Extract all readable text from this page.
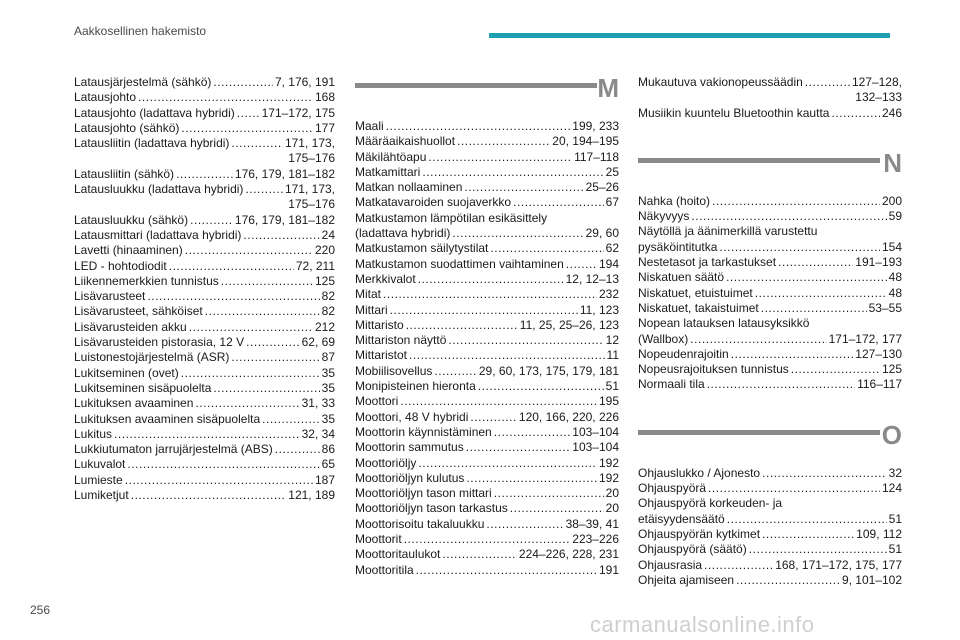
Aakkosellinen hakemisto
Latausjärjestelmä (sähkö) . . .	7, 176, 191
Latausjohto . . .	168
Latausjohto (ladattava hybridi) . . . 171–172, 175
Latausjohto (sähkö) . . .	177
Latausliitin (ladattava hybridi) . . .	171, 173,
175–176
Latausliitin (sähkö) . . .	176, 179, 181–182
Latausluukku (ladattava hybridi) . . .	171, 173,
175–176
Latausluukku (sähkö) . . .	176, 179, 181–182
Latausmittari (ladattava hybridi) . . .	24
Lavetti (hinaaminen) . . .	220
LED - hohtodiodit . . .	72, 211
Liikennemerkkien tunnistus . . .	125
Lisävarusteet . . .	82
Lisävarusteet, sähköiset . . .	82
Lisävarusteiden akku . . .	212
Lisävarusteiden pistorasia, 12 V . . .	62, 69
Luistonestojärjestelmä (ASR) . . .	87
Lukitseminen (ovet) . . .	35
Lukitseminen sisäpuolelta . . .	35
Lukituksen avaaminen . . .	31, 33
Lukituksen avaaminen sisäpuolelta . . .	35
Lukitus . . .	32, 34
Lukkiutumaton jarrujärjestelmä (ABS) . . .	86
Lukuvalot . . .	65
Lumieste . . .	187
Lumiketjut . . .	121, 189
M
Maali . . .	199, 233
Määräaikaishuollot . . .	20, 194–195
Mäkilähtöapu . . .	117–118
Matkamittari . . .	25
Matkan nollaaminen . . .	25–26
Matkatavaroiden suojaverkko . . .	67
Matkustamon lämpötilan esikäsittely
(ladattava hybridi) . . .	29, 60
Matkustamon säilytystilat . . .	62
Matkustamon suodattimen vaihtaminen . . .	194
Merkkivalot . . .	12, 12–13
Mitat . . .	232
Mittari . . .	11, 123
Mittaristo . . .	11, 25, 25–26, 123
Mittariston näyttö . . .	12
Mittaristot . . .	11
Mobiilisovellus . . .	29, 60, 173, 175, 179, 181
Monipisteinen hieronta . . .	51
Moottori . . .	195
Moottori, 48 V hybridi . . .	120, 166, 220, 226
Moottorin käynnistäminen . . .	103–104
Moottorin sammutus . . .	103–104
Moottoriöljy . . .	192
Moottoriöljyn kulutus . . .	192
Moottoriöljyn tason mittari . . .	20
Moottoriöljyn tason tarkastus . . .	20
Moottorisoitu takaluukku . . .	38–39, 41
Moottorit . . .	223–226
Moottoritaulukot . . .	224–226, 228, 231
Moottoritila . . .	191
Mukautuva vakionopeussäädin . . .	127–128,
132–133
Musiikin kuuntelu Bluetoothin kautta . . .	246
N
Nahka (hoito) . . .	200
Näkyvyys . . .	59
Näytöllä ja äänimerkillä varustettu
pysäköintitutka . . .	154
Nestetasot ja tarkastukset . . .	191–193
Niskatuen säätö . . .	48
Niskatuet, etuistuimet . . .	48
Niskatuet, takaistuimet . . .	53–55
Nopean latauksen latausyksikkö
(Wallbox) . . .	171–172, 177
Nopeudenrajoitin . . .	127–130
Nopeusrajoituksen tunnistus . . .	125
Normaali tila . . .	116–117
O
Ohjauslukko / Ajonesto . . .	32
Ohjauspyörä . . .	124
Ohjauspyörä korkeuden- ja
etäisyydensäätö . . .	51
Ohjauspyörän kytkimet . . .	109, 112
Ohjauspyörä (säätö) . . .	51
Ohjausrasia . . .	168, 171–172, 175, 177
Ohjeita ajamiseen . . .	9, 101–102
256
carmanualsonline.info
